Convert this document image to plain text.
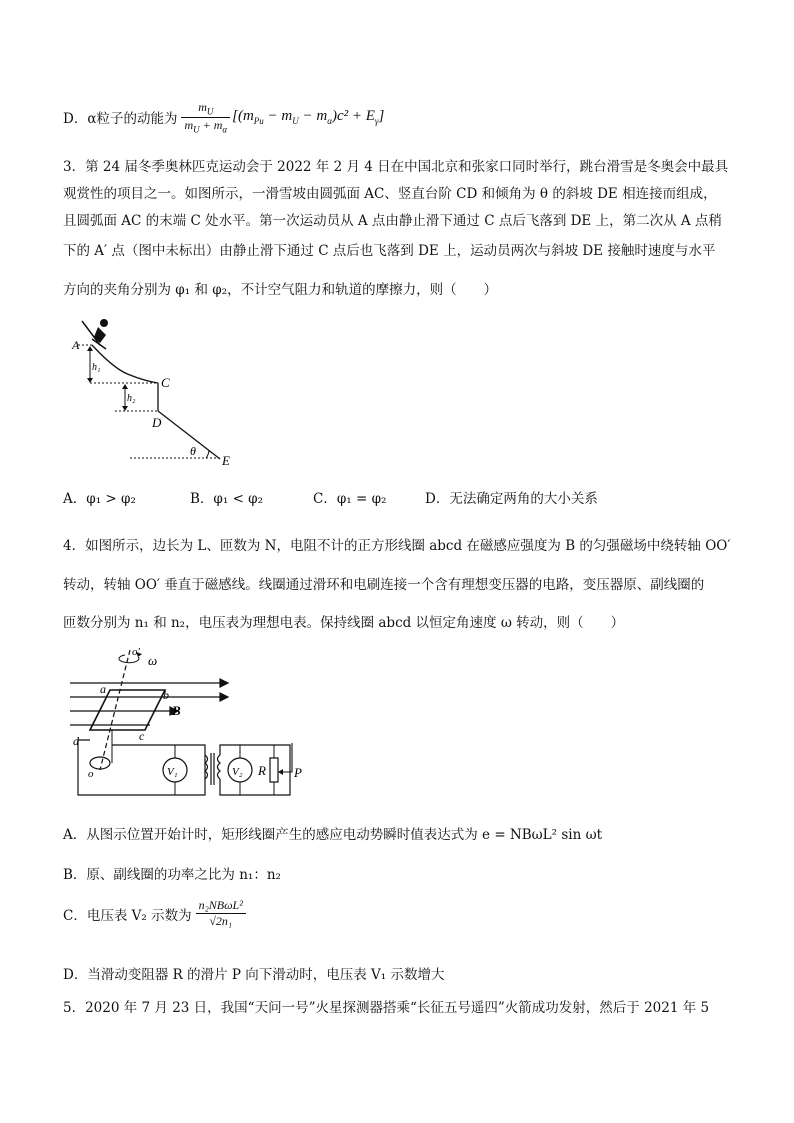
D． α粒子的动能为 $\frac{m_U}{m_U + m_\alpha} [(m_{Pu} - m_U - m_\alpha)c^2 + E_\gamma]$
3．第 24 届冬季奥林匹克运动会于 2022 年 2 月 4 日在中国北京和张家口同时举行，跳台滑雪是冬奥会中最具
观赏性的项目之一。如图所示，一滑雪坡由圆弧面 AC、竖直台阶 CD 和倾角为 θ 的斜坡 DE 相连接而组成，
且圆弧面 AC 的末端 C 处水平。第一次运动员从 A 点由静止滑下通过 C 点后飞落到 DE 上，第二次从 A 点稍
下的 A′ 点（图中未标出）由静止滑下通过 C 点后也飞落到 DE 上，运动员两次与斜坡 DE 接触时速度与水平
方向的夹角分别为 φ₁ 和 φ₂，不计空气阻力和轨道的摩擦力，则（　　）
A
h₁
h₂
C
D
θ
E
A．φ₁ > φ₂	B．φ₁ < φ₂	C．φ₁ = φ₂	D．无法确定两角的大小关系
4．如图所示，边长为 L、匝数为 N，电阻不计的正方形线圈 abcd 在磁感应强度为 B 的匀强磁场中绕转轴 OO′
转动，转轴 OO′ 垂直于磁感线。线圈通过滑环和电刷连接一个含有理想变压器的电路，变压器原、副线圈的
匝数分别为 n₁ 和 n₂，电压表为理想电表。保持线圈 abcd 以恒定角速度 ω 转动，则（　　）
o′
ω
a	b
B
d	c
o	V₁	V₂ R P
A．从图示位置开始计时，矩形线圈产生的感应电动势瞬时值表达式为 e = NBωL² sin ωt
B．原、副线圈的功率之比为 n₁：n₂
C．电压表 V₂ 示数为 $\frac{\text{n₂NBωL²}}{\text{√2n₁}}$
D．当滑动变阻器 R 的滑片 P 向下滑动时，电压表 V₁ 示数增大
5．2020 年 7 月 23 日，我国“天问一号”火星探测器搭乘“长征五号遥四”火箭成功发射，然后于 2021 年 5
